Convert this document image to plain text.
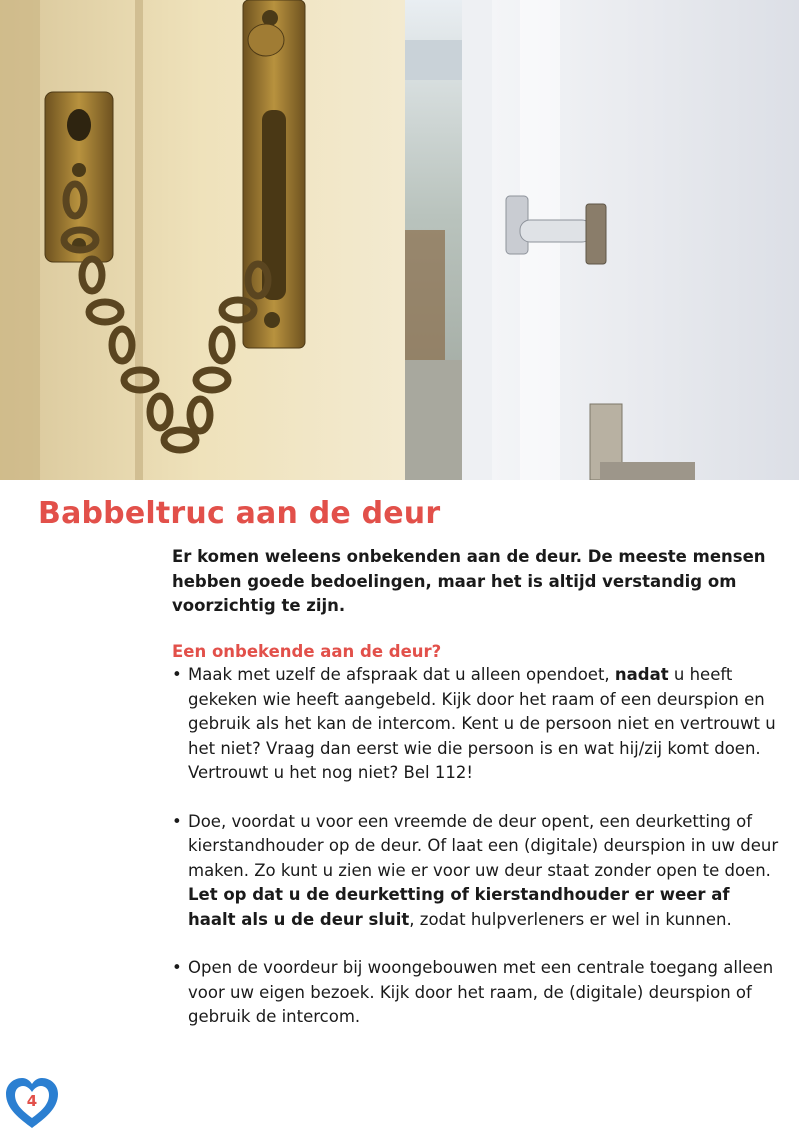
Babbeltruc aan de deur

Er komen weleens onbekenden aan de deur. De meeste mensen hebben goede bedoelingen, maar het is altijd verstandig om voorzichtig te zijn.

Een onbekende aan de deur?
• Maak met uzelf de afspraak dat u alleen opendoet, nadat u heeft gekeken wie heeft aangebeld. Kijk door het raam of een deurspion en gebruik als het kan de intercom. Kent u de persoon niet en vertrouwt u het niet? Vraag dan eerst wie die persoon is en wat hij/zij komt doen. Vertrouwt u het nog niet? Bel 112!
• Doe, voordat u voor een vreemde de deur opent, een deurketting of kierstandhouder op de deur. Of laat een (digitale) deurspion in uw deur maken. Zo kunt u zien wie er voor uw deur staat zonder open te doen. Let op dat u de deurketting of kierstandhouder er weer af haalt als u de deur sluit, zodat hulpverleners er wel in kunnen.
• Open de voordeur bij woongebouwen met een centrale toegang alleen voor uw eigen bezoek. Kijk door het raam, de (digitale) deurspion of gebruik de intercom.
4
